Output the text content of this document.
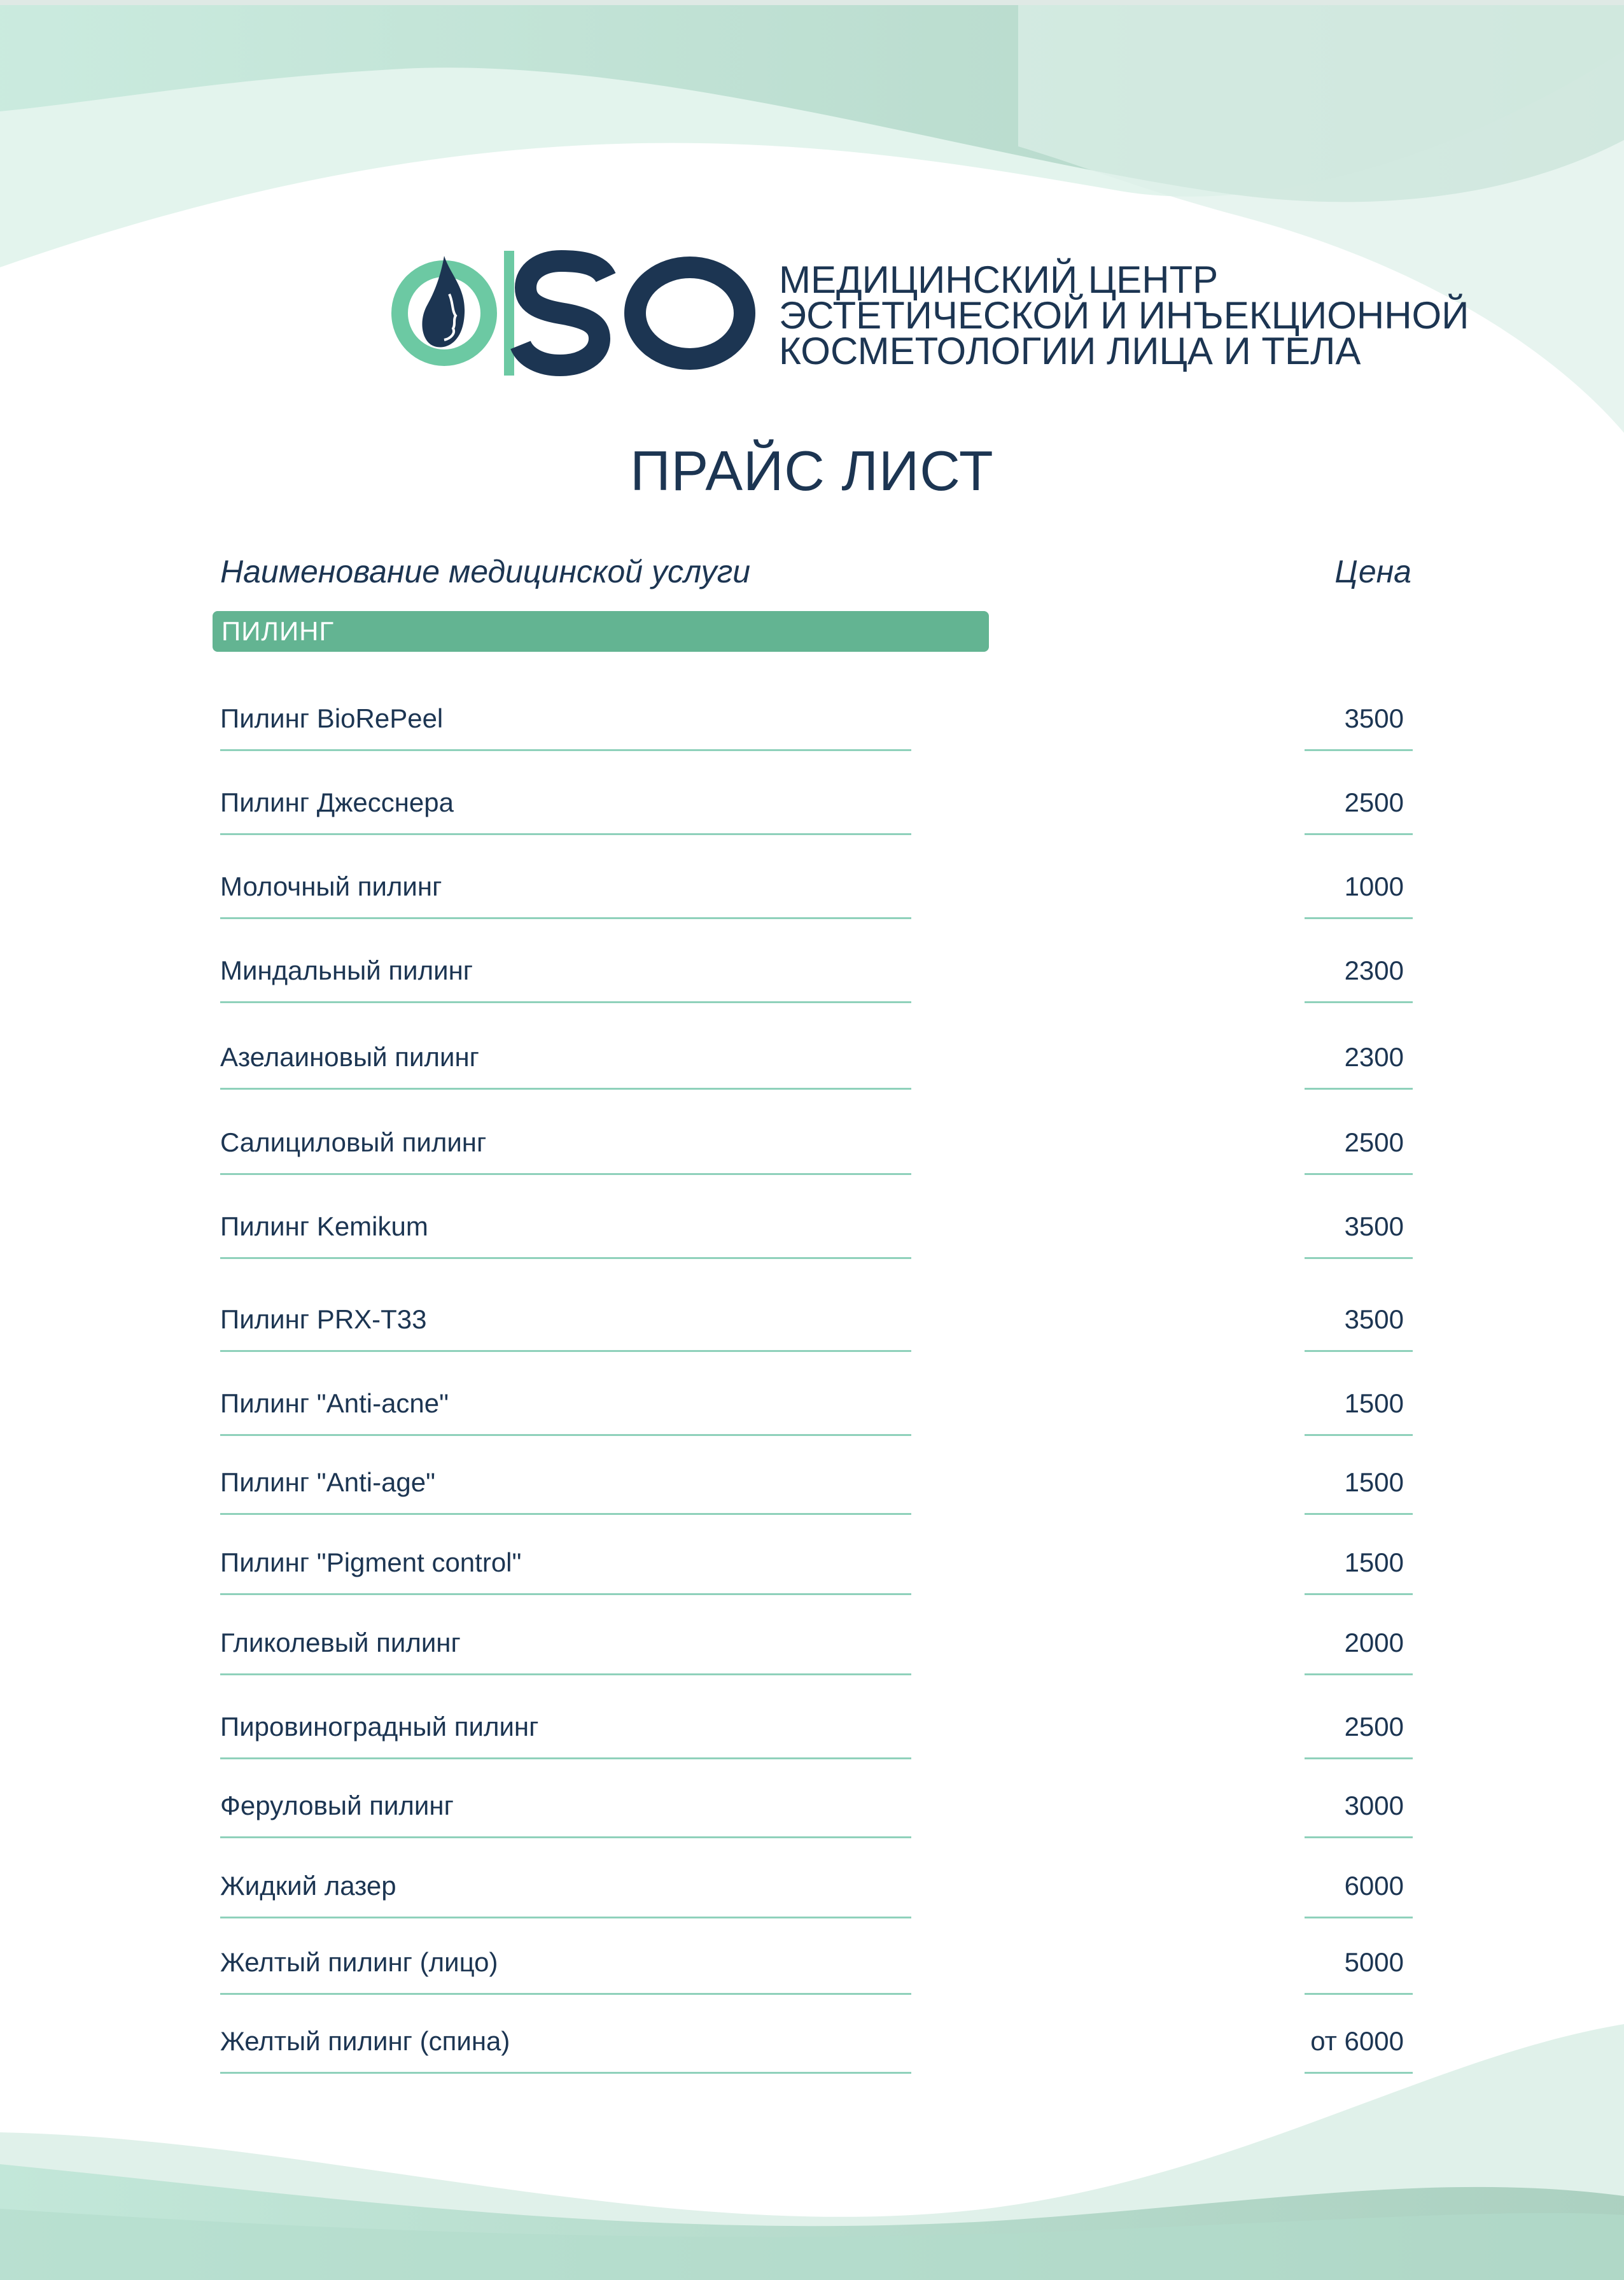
МЕДИЦИНСКИЙ ЦЕНТР
ЭСТЕТИЧЕСКОЙ И ИНЪЕКЦИОННОЙ
КОСМЕТОЛОГИИ ЛИЦА И ТЕЛА
ПРАЙС ЛИСТ
Наименование медицинской услуги	Цена
ПИЛИНГ
Пилинг BioRePeel	3500
Пилинг Джесснера	2500
Молочный пилинг	1000
Миндальный пилинг	2300
Азелаиновый пилинг	2300
Салициловый пилинг	2500
Пилинг Kemikum	3500
Пилинг PRX-T33	3500
Пилинг "Anti-acne"	1500
Пилинг "Anti-age"	1500
Пилинг "Pigment control"	1500
Гликолевый пилинг	2000
Пировиноградный пилинг	2500
Феруловый пилинг	3000
Жидкий лазер	6000
Желтый пилинг (лицо)	5000
Желтый пилинг (спина)	от 6000
